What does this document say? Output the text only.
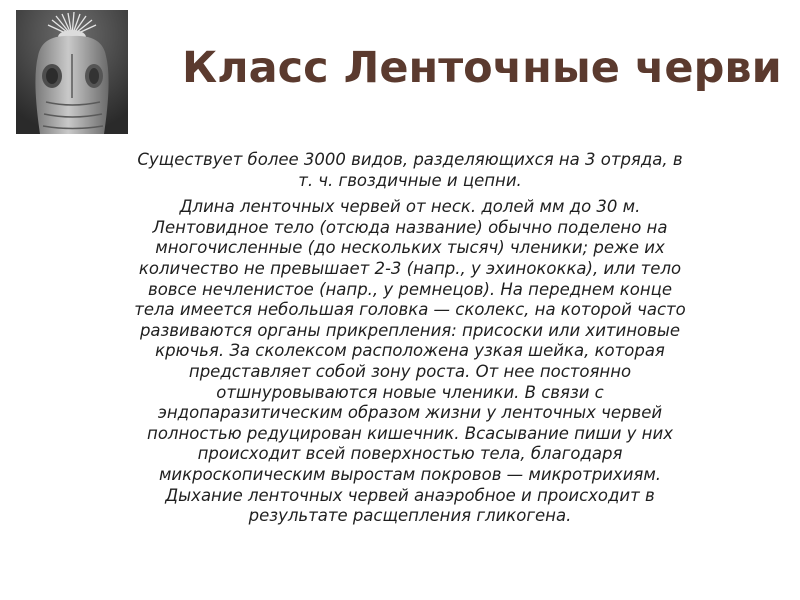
Класс Ленточные черви

Существует более 3000 видов, разделяющихся на 3 отряда, в
т. ч. гвоздичные и цепни.

Длина ленточных червей от неск. долей мм до 30 м.
Лентовидное тело (отсюда название) обычно поделено на
многочисленные (до нескольких тысяч) членики; реже их
количество не превышает 2-3 (напр., у эхинококка), или тело
вовсе нечленистое (напр., у ремнецов). На переднем конце
тела имеется небольшая головка — сколекс, на которой часто
развиваются органы прикрепления: присоски или хитиновые
крючья. За сколексом расположена узкая шейка, которая
представляет собой зону роста. От нее постоянно
отшнуровываются новые членики. В связи с
эндопаразитическим образом жизни у ленточных червей
полностью редуцирован кишечник. Всасывание пиши у них
происходит всей поверхностью тела, благодаря
микроскопическим выростам покровов — микротрихиям.
Дыхание ленточных червей анаэробное и происходит в
результате расщепления гликогена.
